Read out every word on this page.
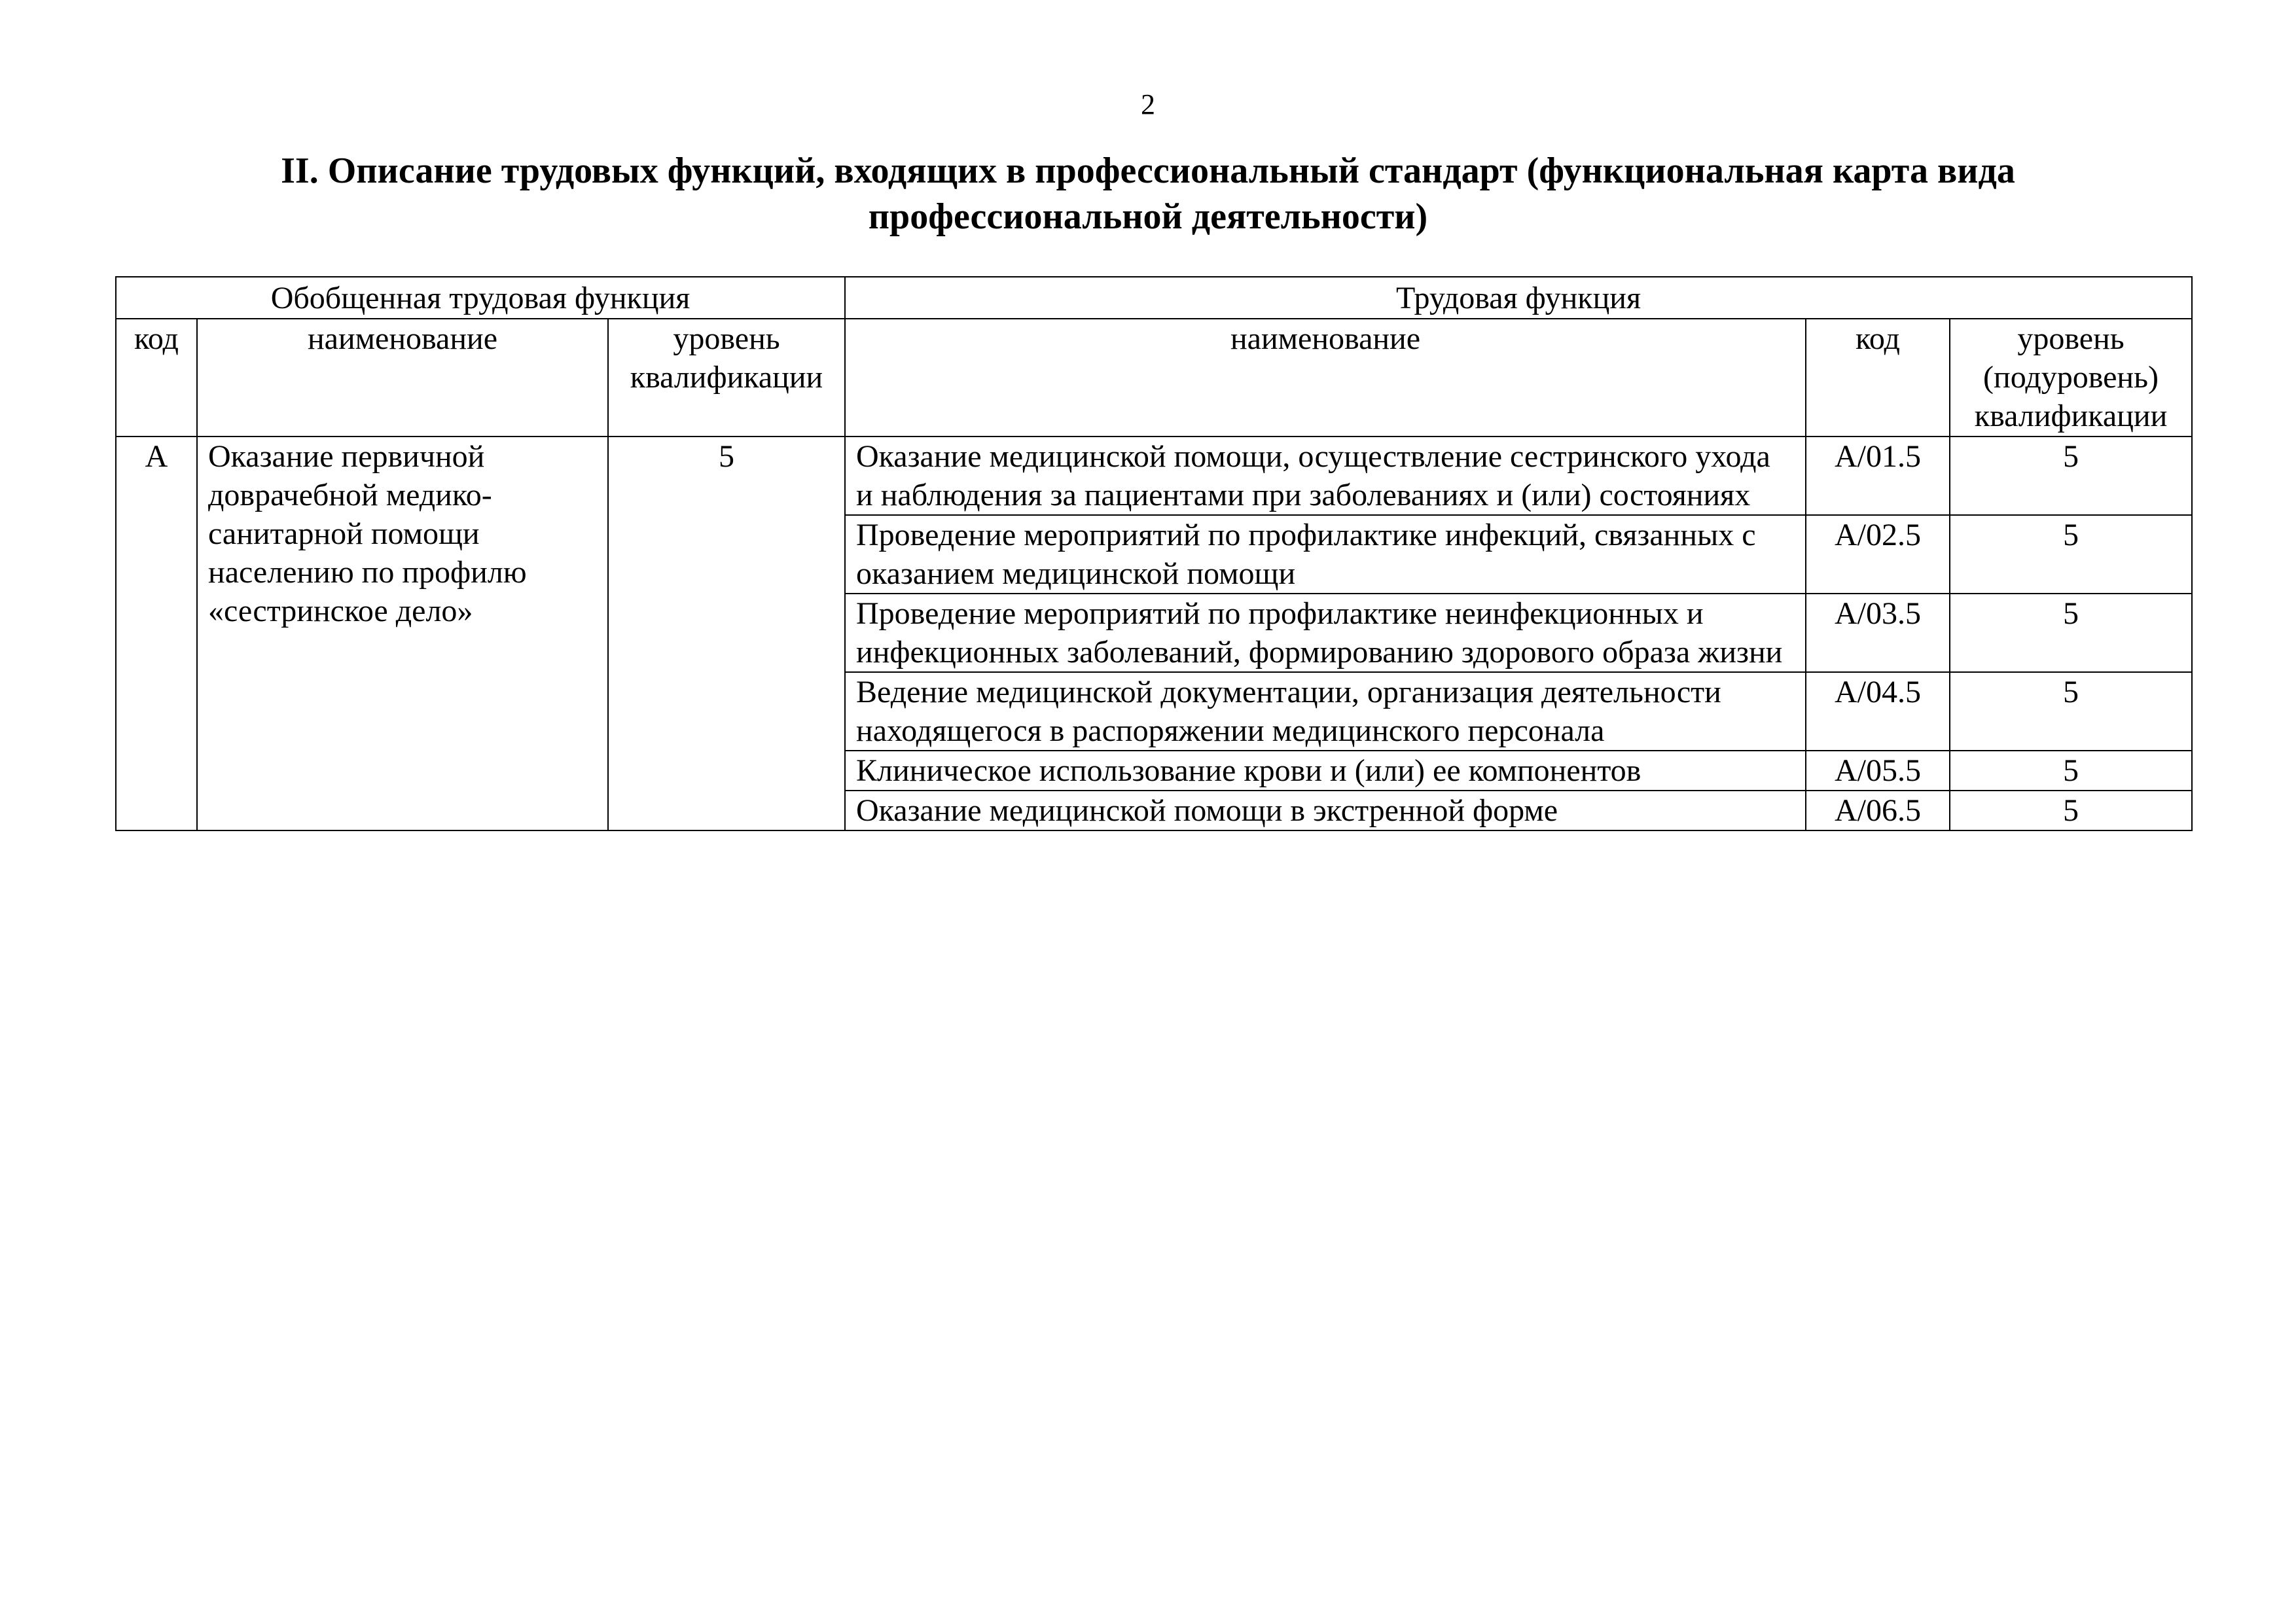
2
II. Описание трудовых функций, входящих в профессиональный стандарт (функциональная карта вида профессиональной деятельности)
Обобщенная трудовая функция			Трудовая функция		
код	наименование	уровень квалификации	наименование	код	уровень (подуровень) квалификации
А	Оказание первичной доврачебной медико-санитарной помощи населению по профилю «сестринское дело»	5	Оказание медицинской помощи, осуществление сестринского ухода и наблюдения за пациентами при заболеваниях и (или) состояниях	А/01.5	5
			Проведение мероприятий по профилактике инфекций, связанных с оказанием медицинской помощи	А/02.5	5
			Проведение мероприятий по профилактике неинфекционных и инфекционных заболеваний, формированию здорового образа жизни	А/03.5	5
			Ведение медицинской документации, организация деятельности находящегося в распоряжении медицинского персонала	А/04.5	5
			Клиническое использование крови и (или) ее компонентов	А/05.5	5
			Оказание медицинской помощи в экстренной форме	А/06.5	5
